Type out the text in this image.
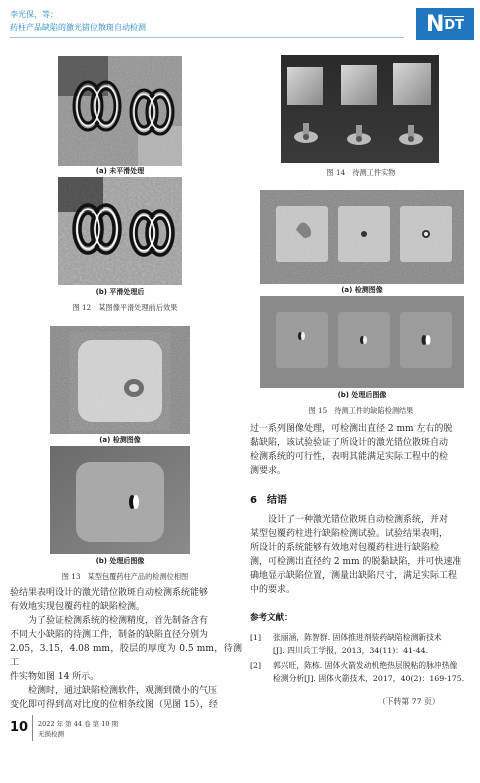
李光保，等：
药柱产品缺陷的激光错位散斑自动检测	N DT
(a) 未平滑处理
(b) 平滑处理后
图 12　某图像平滑处理前后效果
(a) 检测图像
(b) 处理后图像
图 13　某型包覆药柱产品的检测位相图

验结果表明设计的激光错位散斑自动检测系统能够

有效地实现包覆药柱的缺陷检测。

为了验证检测系统的检测精度，首先制备含有

不同大小缺陷的待测工件，制备的缺陷直径分别为

2.05，3.15，4.08 mm，胶层的厚度为 0.5 mm，待测工

件实物如图 14 所示。

检测时，通过缺陷检测软件，观测到微小的气压

变化即可得到高对比度的位相条纹图（见图 15），经

图 14　待测工件实物
(a) 检测图像
(b) 处理后图像
图 15　待测工件的缺陷检测结果

过一系列图像处理，可检测出直径 2 mm 左右的脱

黏缺陷，该试验验证了所设计的激光错位散斑自动

检测系统的可行性，表明其能满足实际工程中的检

测要求。

6　结语

设计了一种激光错位散斑自动检测系统，并对

某型包覆药柱进行缺陷检测试验。试验结果表明，

所设计的系统能够有效地对包覆药柱进行缺陷检

测，可检测出直径约 2 mm 的脱黏缺陷，并可快速准

确地显示缺陷位置，测量出缺陷尺寸，满足实际工程

中的要求。

参考文献：
[1] 张丽涵，陈智群. 固体推进剂装药缺陷检测新技术
[J]. 四川兵工学报，2013，34(11)：41-44.
[2] 郭兴旺，陈栋. 固体火箭发动机绝热层脱粘的脉冲热像
检测分析[J]. 固体火箭技术，2017，40(2)：169-175.
（下转第 77 页）
10 2022 年 第 44 卷 第 10 期
无损检测
